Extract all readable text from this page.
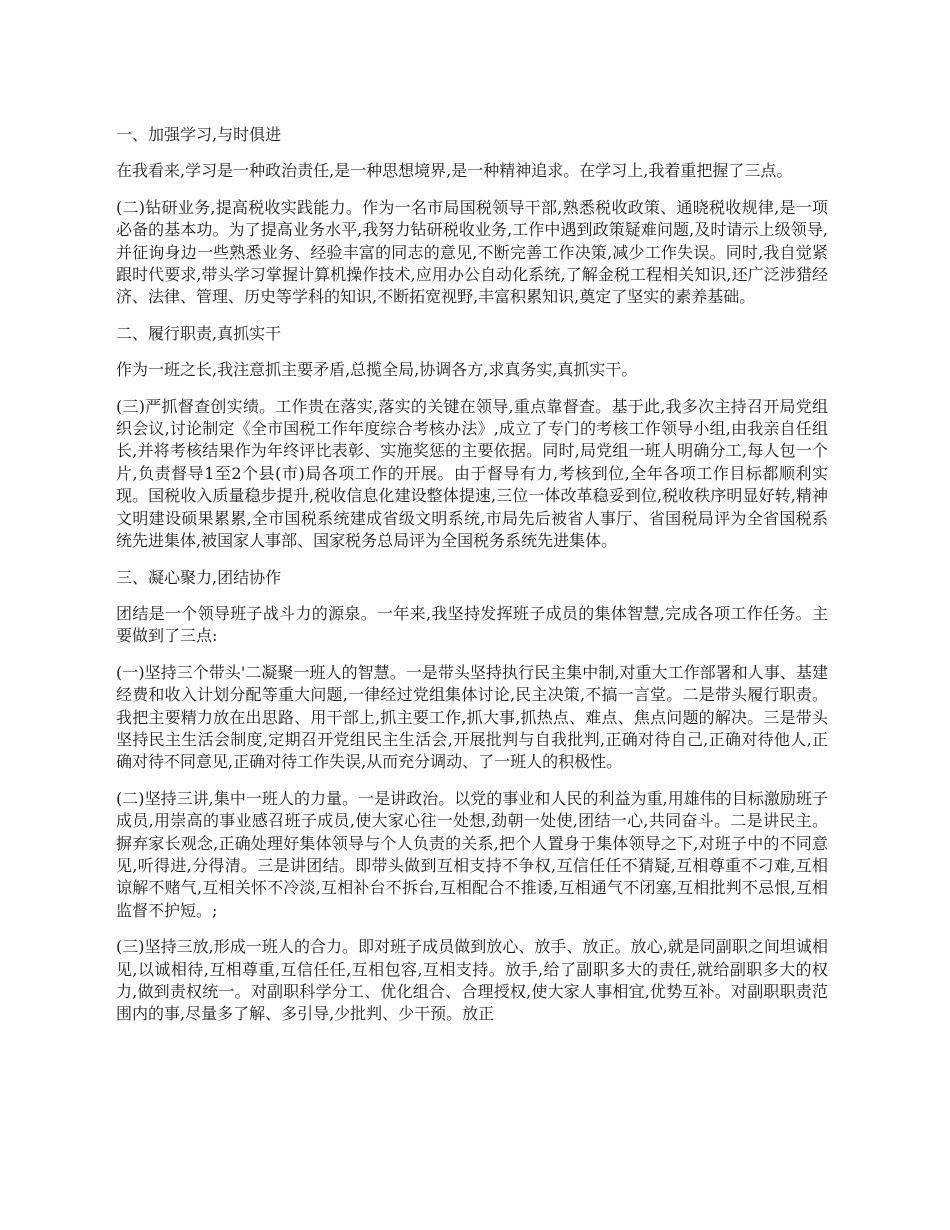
一、加强学习,与时俱进
在我看来,学习是一种政治责任,是一种思想境界,是一种精神追求。在学习上,我着重把握了三点。
(二)钻研业务,提高税收实践能力。作为一名市局国税领导干部,熟悉税收政策、通晓税收规律,是一项必备的基本功。为了提高业务水平,我努力钻研税收业务,工作中遇到政策疑难问题,及时请示上级领导,并征询身边一些熟悉业务、经验丰富的同志的意见,不断完善工作决策,减少工作失误。同时,我自觉紧跟时代要求,带头学习掌握计算机操作技术,应用办公自动化系统,了解金税工程相关知识,还广泛涉猎经济、法律、管理、历史等学科的知识,不断拓宽视野,丰富积累知识,奠定了坚实的素养基础。
二、履行职责,真抓实干
作为一班之长,我注意抓主要矛盾,总揽全局,协调各方,求真务实,真抓实干。
(三)严抓督查创实绩。工作贵在落实,落实的关键在领导,重点靠督查。基于此,我多次主持召开局党组织会议,讨论制定《全市国税工作年度综合考核办法》,成立了专门的考核工作领导小组,由我亲自任组长,并将考核结果作为年终评比表彰、实施奖惩的主要依据。同时,局党组一班人明确分工,每人包一个片,负责督导1至2个县(市)局各项工作的开展。由于督导有力,考核到位,全年各项工作目标都顺利实现。国税收入质量稳步提升,税收信息化建设整体提速,三位一体改革稳妥到位,税收秩序明显好转,精神文明建设硕果累累,全市国税系统建成省级文明系统,市局先后被省人事厅、省国税局评为全省国税系统先进集体,被国家人事部、国家税务总局评为全国税务系统先进集体。
三、凝心聚力,团结协作
团结是一个领导班子战斗力的源泉。一年来,我坚持发挥班子成员的集体智慧,完成各项工作任务。主要做到了三点:
(一)坚持三个带头'二凝聚一班人的智慧。一是带头坚持执行民主集中制,对重大工作部署和人事、基建经费和收入计划分配等重大问题,一律经过党组集体讨论,民主决策,不搞一言堂。二是带头履行职责。我把主要精力放在出思路、用干部上,抓主要工作,抓大事,抓热点、难点、焦点问题的解决。三是带头坚持民主生活会制度,定期召开党组民主生活会,开展批判与自我批判,正确对待自己,正确对待他人,正确对待不同意见,正确对待工作失误,从而充分调动、了一班人的积极性。
(二)坚持三讲,集中一班人的力量。一是讲政治。以党的事业和人民的利益为重,用雄伟的目标激励班子成员,用崇高的事业感召班子成员,使大家心往一处想,劲朝一处使,团结一心,共同奋斗。二是讲民主。摒弃家长观念,正确处理好集体领导与个人负责的关系,把个人置身于集体领导之下,对班子中的不同意见,听得进,分得清。三是讲团结。即带头做到互相支持不争权,互信任任不猜疑,互相尊重不刁难,互相谅解不赌气,互相关怀不冷淡,互相补台不拆台,互相配合不推诿,互相通气不闭塞,互相批判不忌恨,互相监督不护短。;
(三)坚持三放,形成一班人的合力。即对班子成员做到放心、放手、放正。放心,就是同副职之间坦诚相见,以诚相待,互相尊重,互信任任,互相包容,互相支持。放手,给了副职多大的责任,就给副职多大的权力,做到责权统一。对副职科学分工、优化组合、合理授权,使大家人事相宜,优势互补。对副职职责范围内的事,尽量多了解、多引导,少批判、少干预。放正
